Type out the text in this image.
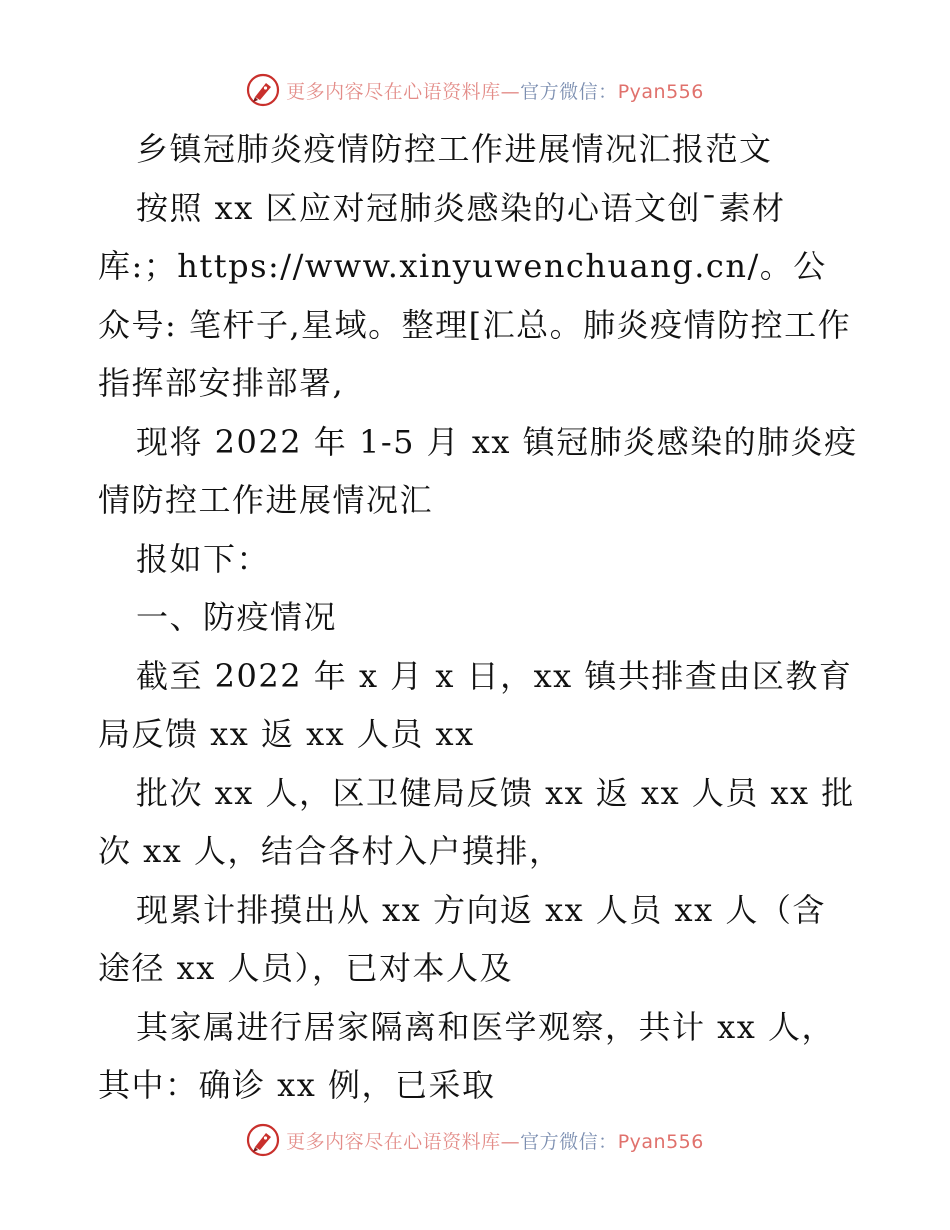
更多内容尽在心语资料库—官方微信：Pyan556

乡镇冠肺炎疫情防控工作进展情况汇报范文

按照 xx 区应对冠肺炎感染的心语文创¯素材库:；https://www.xinyuwenchuang.cn/。公众号: 笔杆子,星域。整理[汇总。肺炎疫情防控工作指挥部安排部署,

现将 2022 年 1-5 月 xx 镇冠肺炎感染的肺炎疫情防控工作进展情况汇

报如下：

一、防疫情况

截至 2022 年 x 月 x 日，xx 镇共排查由区教育局反馈 xx 返 xx 人员 xx

批次 xx 人，区卫健局反馈 xx 返 xx 人员 xx 批次 xx 人，结合各村入户摸排，

现累计排摸出从 xx 方向返 xx 人员 xx 人（含途径 xx 人员），已对本人及

其家属进行居家隔离和医学观察，共计 xx 人，其中：确诊 xx 例，已采取

更多内容尽在心语资料库—官方微信：Pyan556
